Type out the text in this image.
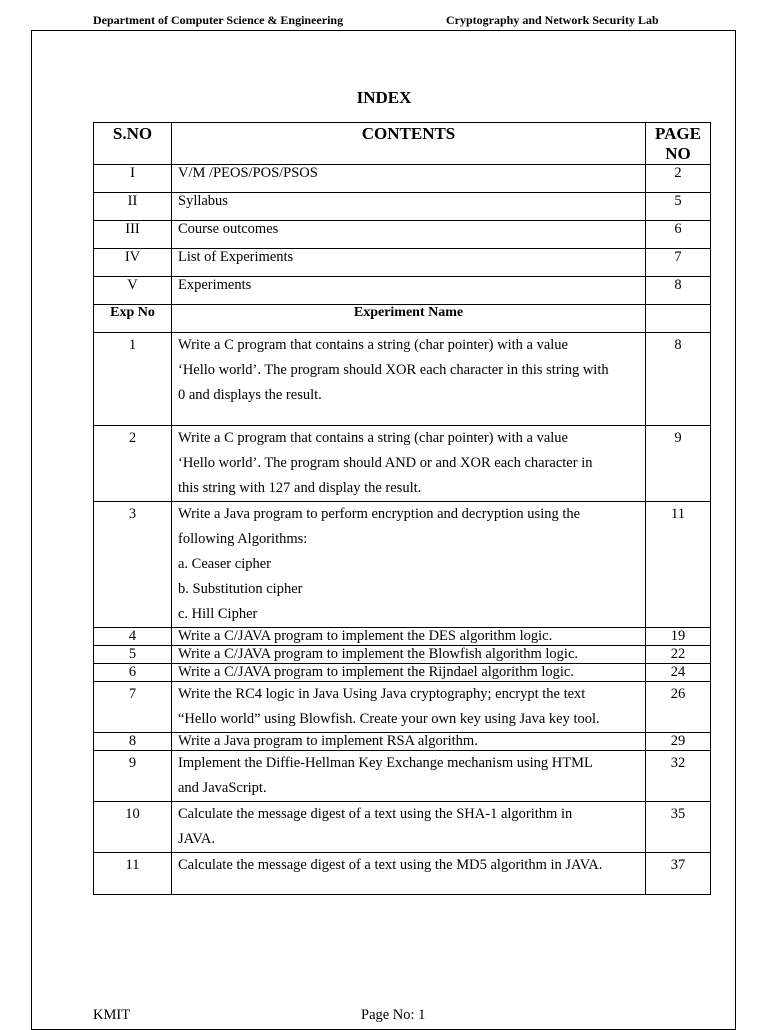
Department of Computer Science & Engineering	Cryptography and Network Security Lab
INDEX
S.NO	CONTENTS	PAGE NO
I	V/M /PEOS/POS/PSOS	2
II	Syllabus	5
III	Course outcomes	6
IV	List of Experiments	7
V	Experiments	8
Exp No	Experiment Name	
1	Write a C program that contains a string (char pointer) with a value
‘Hello world’. The program should XOR each character in this string with
0 and displays the result.	8
2	Write a C program that contains a string (char pointer) with a value
‘Hello world’. The program should AND or and XOR each character in
this string with 127 and display the result.	9
3	Write a Java program to perform encryption and decryption using the
following Algorithms:
a. Ceaser cipher
b. Substitution cipher
c. Hill Cipher	11
4	Write a C/JAVA program to implement the DES algorithm logic.	19
5	Write a C/JAVA program to implement the Blowfish algorithm logic.	22
6	Write a C/JAVA program to implement the Rijndael algorithm logic.	24
7	Write the RC4 logic in Java Using Java cryptography; encrypt the text
“Hello world” using Blowfish. Create your own key using Java key tool.	26
8	Write a Java program to implement RSA algorithm.	29
9	Implement the Diffie-Hellman Key Exchange mechanism using HTML
and JavaScript.	32
10	Calculate the message digest of a text using the SHA-1 algorithm in
JAVA.	35
11	Calculate the message digest of a text using the MD5 algorithm in JAVA.	37
KMIT	Page No: 1
